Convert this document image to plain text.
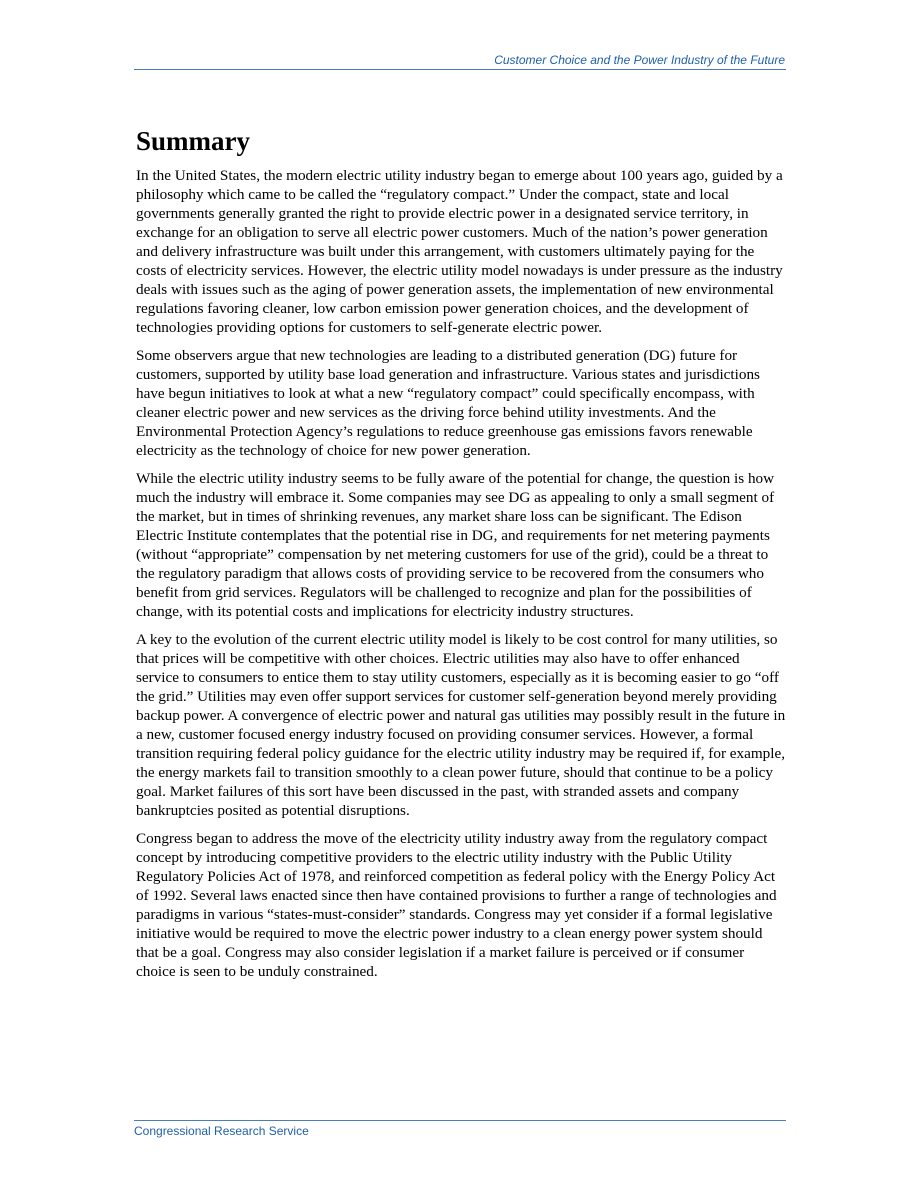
Customer Choice and the Power Industry of the Future
Summary

In the United States, the modern electric utility industry began to emerge about 100 years ago, guided by a philosophy which came to be called the “regulatory compact.” Under the compact, state and local governments generally granted the right to provide electric power in a designated service territory, in exchange for an obligation to serve all electric power customers. Much of the nation’s power generation and delivery infrastructure was built under this arrangement, with customers ultimately paying for the costs of electricity services. However, the electric utility model nowadays is under pressure as the industry deals with issues such as the aging of power generation assets, the implementation of new environmental regulations favoring cleaner, low carbon emission power generation choices, and the development of technologies providing options for customers to self-generate electric power.

Some observers argue that new technologies are leading to a distributed generation (DG) future for customers, supported by utility base load generation and infrastructure. Various states and jurisdictions have begun initiatives to look at what a new “regulatory compact” could specifically encompass, with cleaner electric power and new services as the driving force behind utility investments. And the Environmental Protection Agency’s regulations to reduce greenhouse gas emissions favors renewable electricity as the technology of choice for new power generation.

While the electric utility industry seems to be fully aware of the potential for change, the question is how much the industry will embrace it. Some companies may see DG as appealing to only a small segment of the market, but in times of shrinking revenues, any market share loss can be significant. The Edison Electric Institute contemplates that the potential rise in DG, and requirements for net metering payments (without “appropriate” compensation by net metering customers for use of the grid), could be a threat to the regulatory paradigm that allows costs of providing service to be recovered from the consumers who benefit from grid services. Regulators will be challenged to recognize and plan for the possibilities of change, with its potential costs and implications for electricity industry structures.

A key to the evolution of the current electric utility model is likely to be cost control for many utilities, so that prices will be competitive with other choices. Electric utilities may also have to offer enhanced service to consumers to entice them to stay utility customers, especially as it is becoming easier to go “off the grid.” Utilities may even offer support services for customer self-generation beyond merely providing backup power. A convergence of electric power and natural gas utilities may possibly result in the future in a new, customer focused energy industry focused on providing consumer services. However, a formal transition requiring federal policy guidance for the electric utility industry may be required if, for example, the energy markets fail to transition smoothly to a clean power future, should that continue to be a policy goal. Market failures of this sort have been discussed in the past, with stranded assets and company bankruptcies posited as potential disruptions.

Congress began to address the move of the electricity utility industry away from the regulatory compact concept by introducing competitive providers to the electric utility industry with the Public Utility Regulatory Policies Act of 1978, and reinforced competition as federal policy with the Energy Policy Act of 1992. Several laws enacted since then have contained provisions to further a range of technologies and paradigms in various “states-must-consider” standards. Congress may yet consider if a formal legislative initiative would be required to move the electric power industry to a clean energy power system should that be a goal. Congress may also consider legislation if a market failure is perceived or if consumer choice is seen to be unduly constrained.

Congressional Research Service
